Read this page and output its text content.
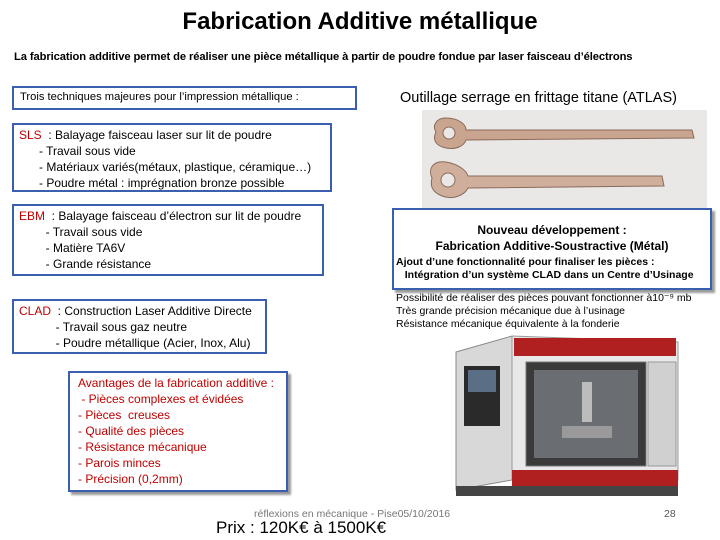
Fabrication Additive métallique
La fabrication additive permet de réaliser une pièce métallique à partir de poudre fondue par laser faisceau d’électrons
Trois techniques majeures pour l’impression métallique :	Outillage serrage en frittage titane (ATLAS)
SLS  : Balayage faisceau laser sur lit de poudre
- Travail sous vide
- Matériaux variés(métaux, plastique, céramique…)
- Poudre métal : imprégnation bronze possible
EBM  : Balayage faisceau d’électron sur lit de poudre
- Travail sous vide
- Matière TA6V
- Grande résistance
CLAD  : Construction Laser Additive Directe
- Travail sous gaz neutre
- Poudre métallique (Acier, Inox, Alu)
Nouveau développement :
Fabrication Additive-Soustractive (Métal)
Ajout d’une fonctionnalité pour finaliser les pièces :
Intégration d’un système CLAD dans un Centre d’Usinage
Possibilité de réaliser des pièces pouvant fonctionner à10⁻⁹ mb
Très grande précision mécanique due à l’usinage
Résistance mécanique équivalente à la fonderie
Avantages de la fabrication additive :
- Pièces complexes et évidées
- Pièces  creuses
- Qualité des pièces
- Résistance mécanique
- Parois minces
- Précision (0,2mm)
réflexions en mécanique - Pise05/10/2016
Prix : 120K€ à 1500K€
28
